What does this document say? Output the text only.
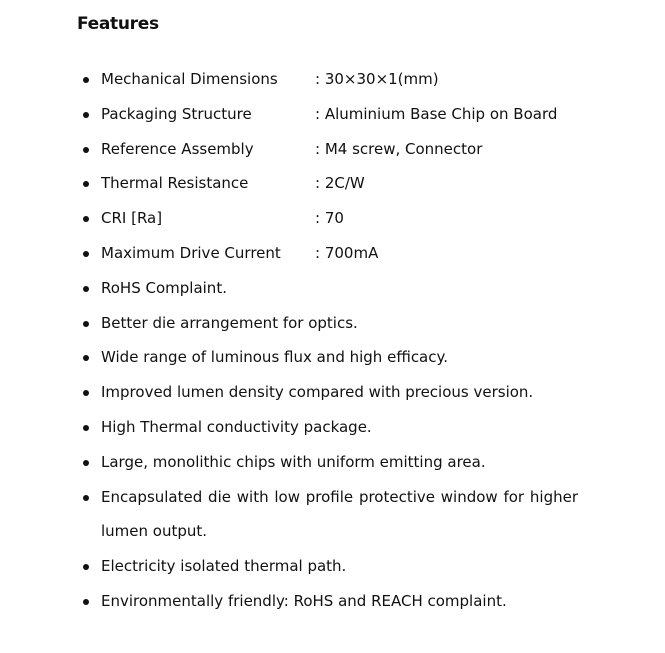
Features
Mechanical Dimensions : 30×30×1(mm)
Packaging Structure	: Aluminium Base Chip on Board
Reference Assembly	: M4 screw, Connector
Thermal Resistance	: 2C/W
CRI [Ra]	: 70
Maximum Drive Current : 700mA
RoHS Complaint.
Better die arrangement for optics.
Wide range of luminous flux and high efficacy.
Improved lumen density compared with precious version.
High Thermal conductivity package.
Large, monolithic chips with uniform emitting area.
Encapsulated die with low profile protective window for higher lumen output.
Electricity isolated thermal path.
Environmentally friendly: RoHS and REACH complaint.
